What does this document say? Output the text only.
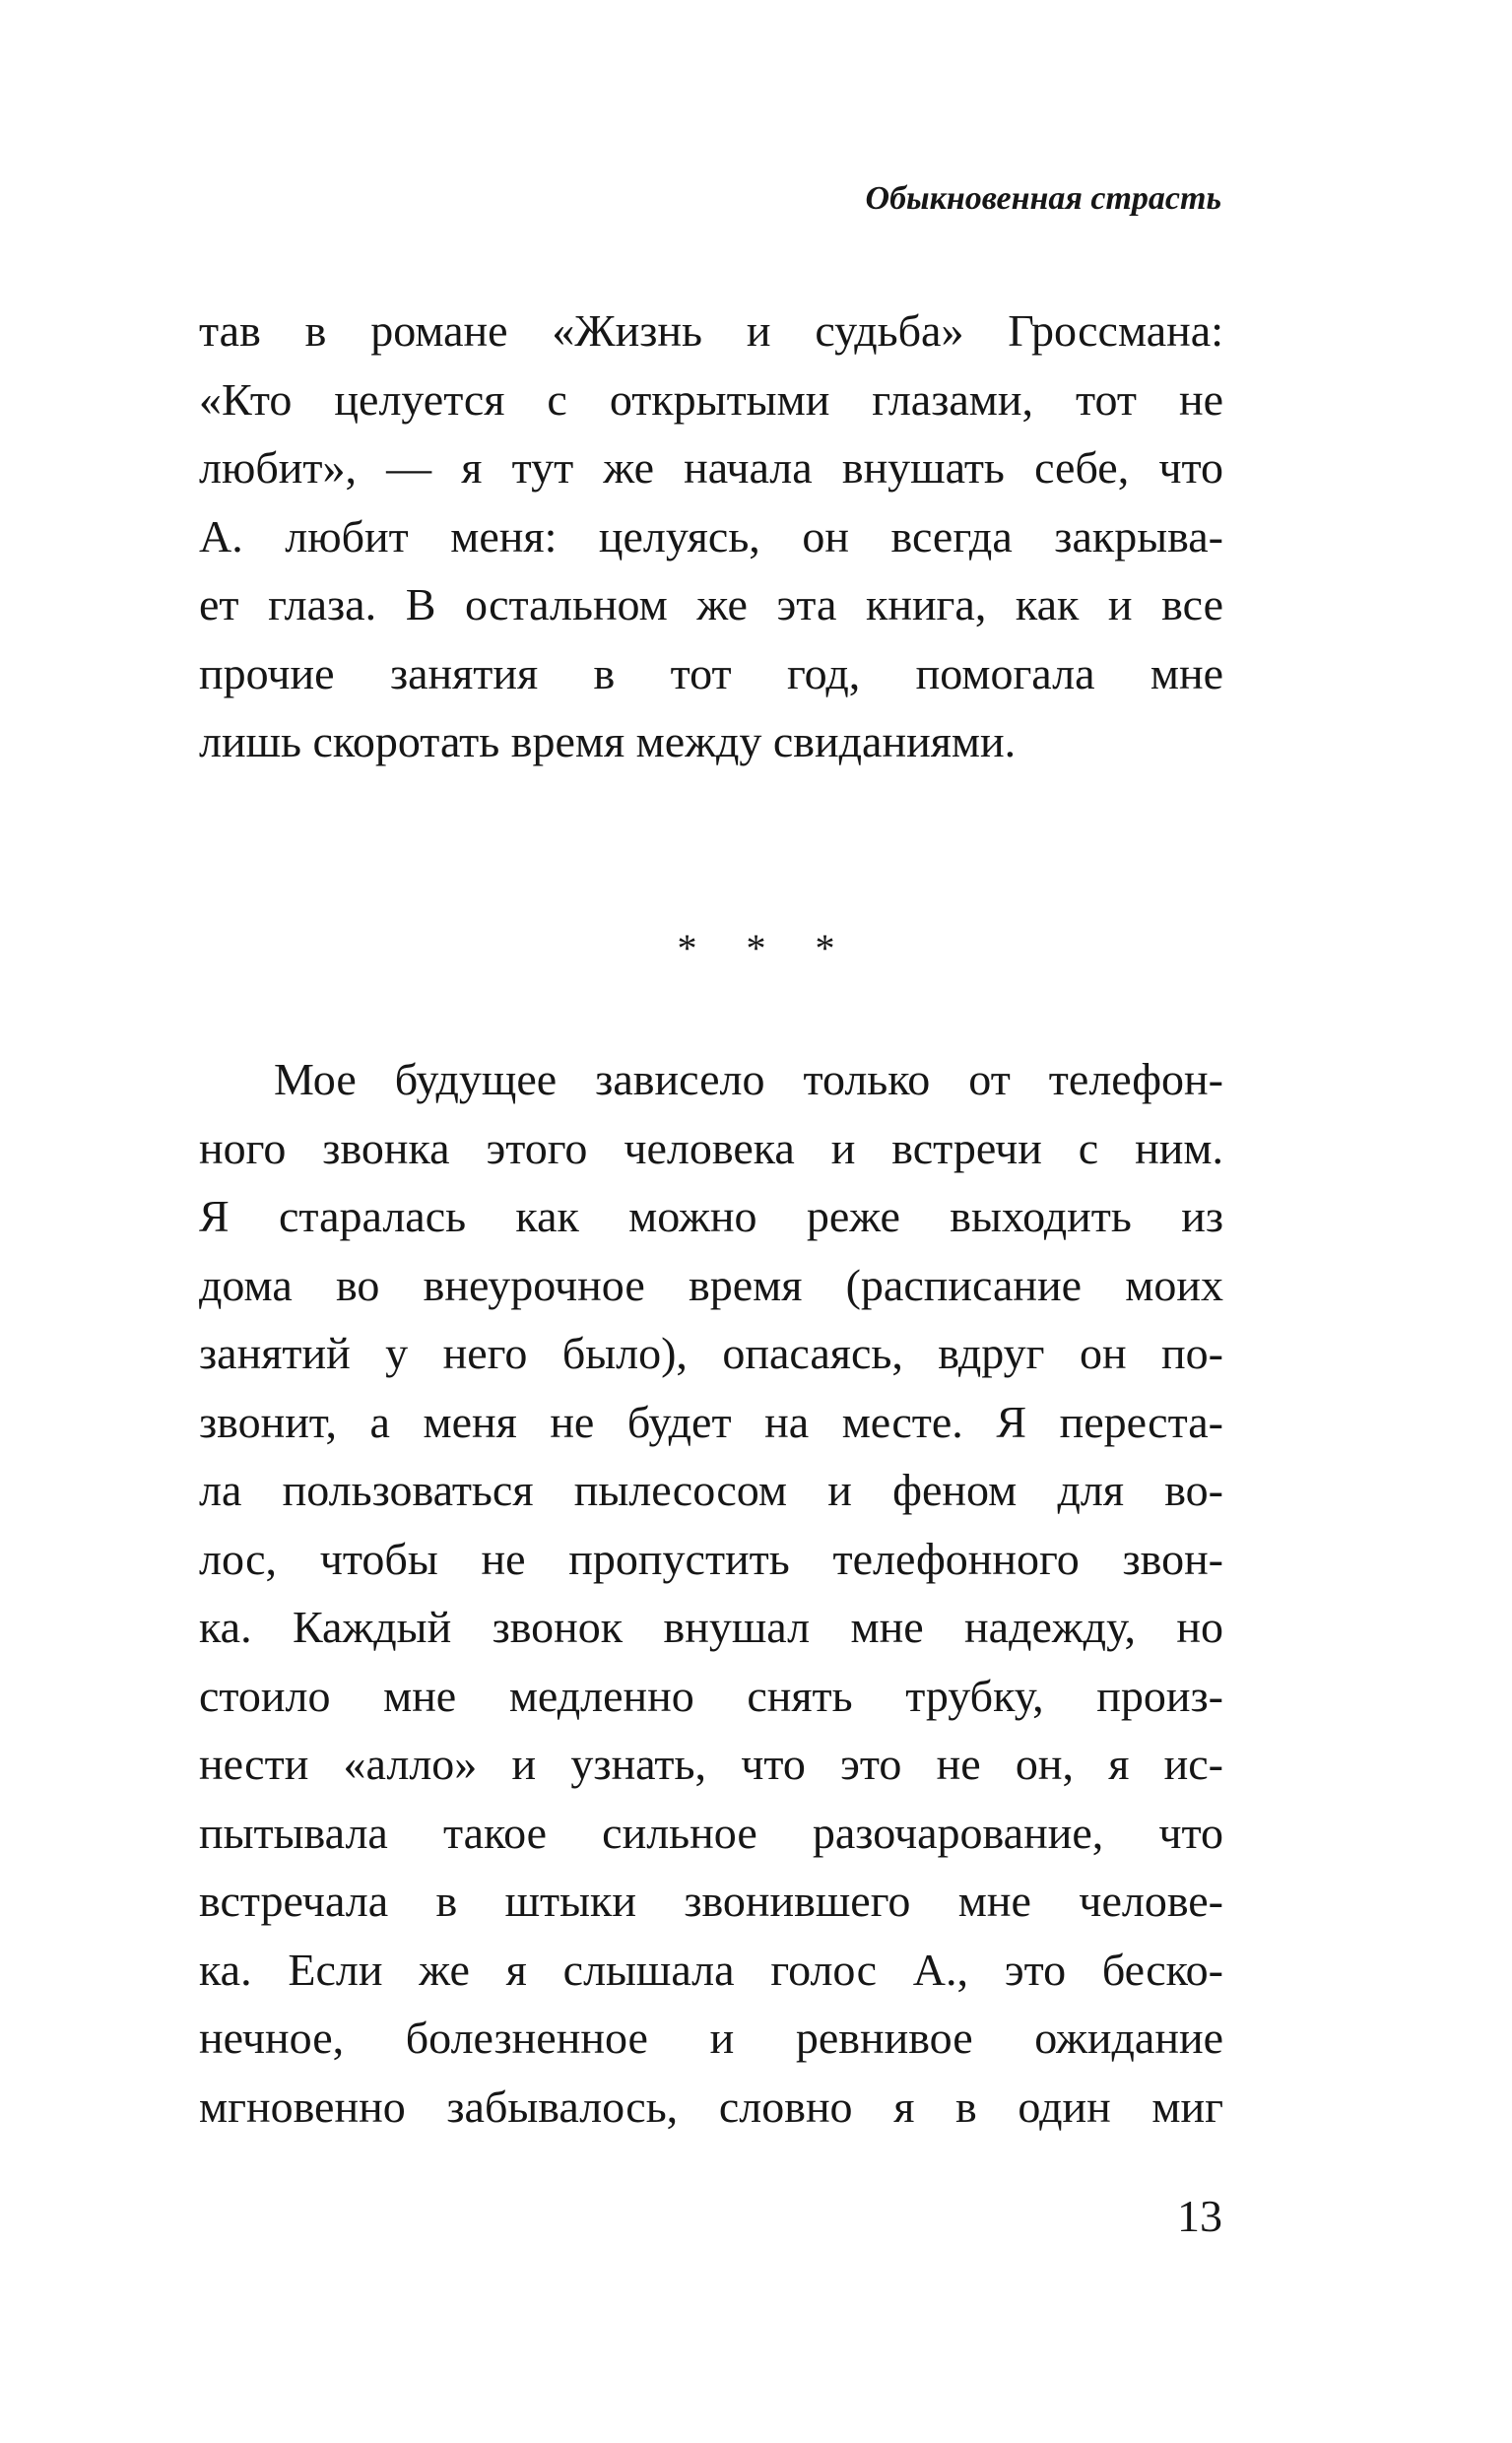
Обыкновенная страсть
тав в романе «Жизнь и судьба» Гроссмана:
«Кто целуется с открытыми глазами, тот не
любит», — я тут же начала внушать себе, что
А. любит меня: целуясь, он всегда закрыва-
ет глаза. В остальном же эта книга, как и все
прочие занятия в тот год, помогала мне
лишь скоротать время между свиданиями.
* * *
Мое будущее зависело только от телефон-
ного звонка этого человека и встречи с ним.
Я старалась как можно реже выходить из
дома во внеурочное время (расписание моих
занятий у него было), опасаясь, вдруг он по-
звонит, а меня не будет на месте. Я переста-
ла пользоваться пылесосом и феном для во-
лос, чтобы не пропустить телефонного звон-
ка. Каждый звонок внушал мне надежду, но
стоило мне медленно снять трубку, произ-
нести «алло» и узнать, что это не он, я ис-
пытывала такое сильное разочарование, что
встречала в штыки звонившего мне челове-
ка. Если же я слышала голос А., это беско-
нечное, болезненное и ревнивое ожидание
мгновенно забывалось, словно я в один миг
13
